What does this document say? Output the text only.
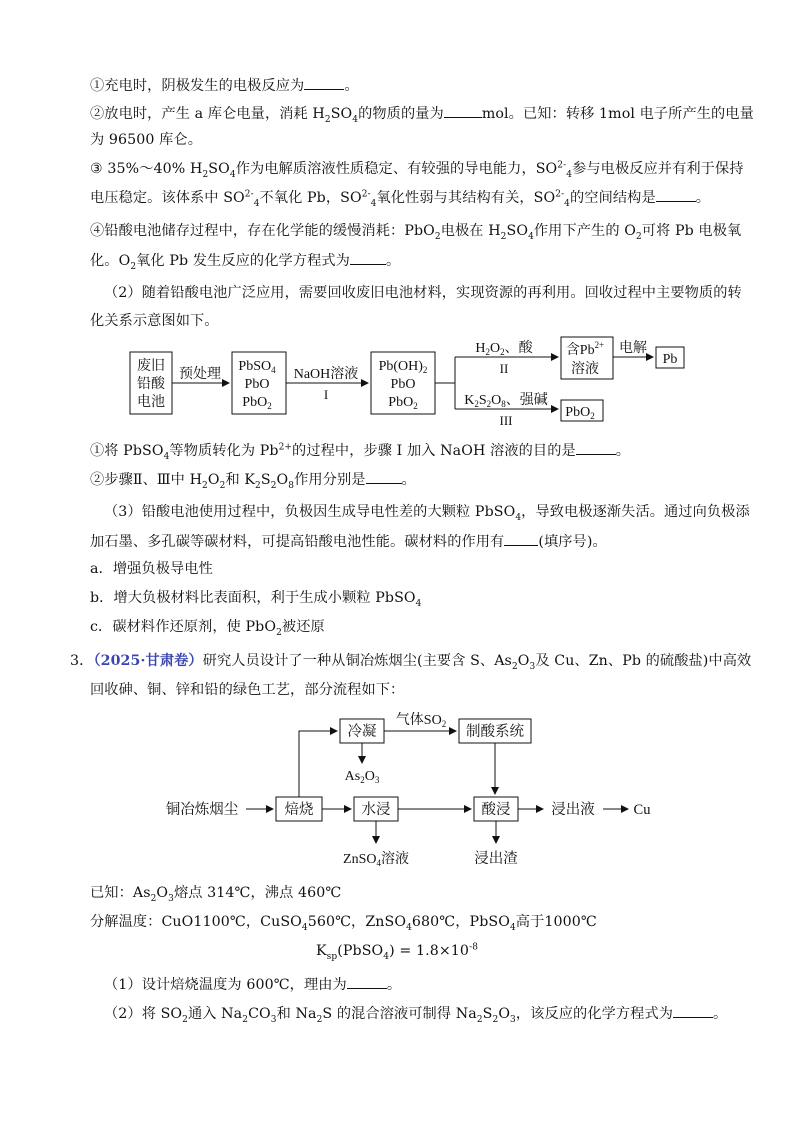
①充电时，阴极发生的电极反应为	。
②放电时，产生 a 库仑电量，消耗 $H_2SO_4$的物质的量为	mol。已知：转移 1mol 电子所产生的电量
为 96500 库仑。
③ 35%～40% $H_2SO_4$作为电解质溶液性质稳定、有较强的导电能力，$SO^{2-}_4$参与电极反应并有利于保持
电压稳定。该体系中 $SO^{2-}_4$不氧化 Pb，$SO^{2-}_4$氧化性弱与其结构有关，$SO^{2-}_4$的空间结构是	。
④铅酸电池储存过程中，存在化学能的缓慢消耗：PbO$_2$电极在 $H_2SO_4$作用下产生的 $O_2$可将 Pb 电极氧
化。$O_2$氧化 Pb 发生反应的化学方程式为	。
（2）随着铅酸电池广泛应用，需要回收废旧电池材料，实现资源的再利用。回收过程中主要物质的转
化关系示意图如下。
废旧
铅酸
电池
预处理
PbSO$_4$
PbO
PbO$_2$
NaOH溶液
I
$Pb(OH)_2$
PbO
PbO$_2$
$H_2O_2$、酸
II
$K_2S_2O_8$、强碱
III
含$Pb^{2+}$
溶液
电解
Pb
PbO$_2$
①将 PbSO$_4$等物质转化为 $Pb^{2+}$的过程中，步骤 I 加入 NaOH 溶液的目的是	。
②步骤Ⅱ、Ⅲ中 $H_2O_2$和 $K_2S_2O_8$作用分别是	。
（3）铅酸电池使用过程中，负极因生成导电性差的大颗粒 PbSO$_4$，导致电极逐渐失活。通过向负极添
加石墨、多孔碳等碳材料，可提高铅酸电池性能。碳材料的作用有 (填序号)。
a．增强负极导电性
b．增大负极材料比表面积，利于生成小颗粒 PbSO$_4$
c．碳材料作还原剂，使 PbO$_2$被还原
3．（2025·甘肃卷）研究人员设计了一种从铜冶炼烟尘(主要含 S、$As_2O_3$及 Cu、Zn、Pb 的硫酸盐)中高效
回收砷、铜、锌和铅的绿色工艺，部分流程如下：
铜冶炼烟尘	焙烧
冷凝
$As_2O_3$
气体$SO_2$ 制酸系统
水浸
ZnSO$_4$溶液
酸浸
浸出渣
浸出液	Cu
已知：$As_2O_3$熔点 314℃，沸点 460℃
分解温度：CuO1100℃，CuSO$_4$560℃，ZnSO$_4$680℃，PbSO$_4$高于1000℃
$K_{sp}(PbSO_4) = 1.8\times 10^{-8}$
（1）设计焙烧温度为 600℃，理由为	。
（2）将 $SO_2$通入 $Na_2CO_3$和 $Na_2S$ 的混合溶液可制得 $Na_2S_2O_3$，该反应的化学方程式为	。
